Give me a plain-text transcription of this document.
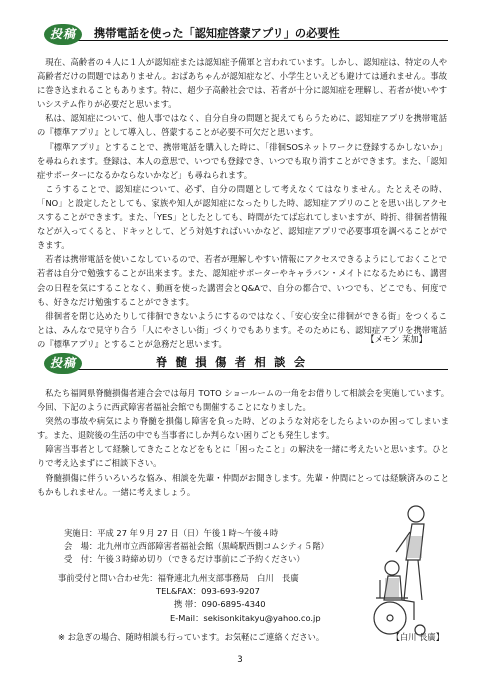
投稿	携帯電話を使った「認知症啓蒙アプリ」の必要性

現在、高齢者の４人に１人が認知症または認知症予備軍と言われています。しかし、認知症は、特定の人や高齢者だけの問題ではありません。おばあちゃんが認知症など、小学生といえども避けては通れません。事故に巻き込まれることもあります。特に、超少子高齢社会では、若者が十分に認知症を理解し、若者が使いやすいシステム作りが必要だと思います。

私は、認知症について、他人事ではなく、自分自身の問題と捉えてもらうために、認知症アプリを携帯電話の『標準アプリ』として導入し、啓蒙することが必要不可欠だと思います。

『標準アプリ』とすることで、携帯電話を購入した時に、「徘徊SOSネットワークに登録するかしないか」を尋ねられます。登録は、本人の意思で、いつでも登録でき、いつでも取り消すことができます。また、「認知症サポーターになるかならないかなど」も尋ねられます。

こうすることで、認知症について、必ず、自分の問題として考えなくてはなりません。たとえその時、「NO」と設定したとしても、家族や知人が認知症になったりした時、認知症アプリのことを思い出しアクセスすることができます。また、「YES」としたとしても、時間がたてば忘れてしまいますが、時折、徘徊者情報などが入ってくると、ドキッとして、どう対処すればいいかなど、認知症アプリで必要事項を調べることができます。

若者は携帯電話を使いこなしているので、若者が理解しやすい情報にアクセスできるようにしておくことで若者は自分で勉強することが出来ます。また、認知症サポーターやキャラバン・メイトになるためにも、講習会の日程を気にすることなく、動画を使った講習会とQ&Aで、自分の都合で、いつでも、どこでも、何度でも、好きなだけ勉強することができます。

徘徊者を閉じ込めたりして徘徊できないようにするのではなく、「安心安全に徘徊ができる街」をつくることは、みんなで見守り合う「人にやさしい街」づくりでもあります。そのためにも、認知症アプリを携帯電話の『標準アプリ』とすることが急務だと思います。	【メモン 茉加】
投稿	脊髄損傷者相談会

私たち福岡県脊髄損傷者連合会では毎月 TOTO ショールームの一角をお借りして相談会を実施しています。今回、下記のように西武障害者福祉会館でも開催することになりました。

突然の事故や病気により脊髄を損傷し障害を負った時、どのような対応をしたらよいのか困ってしまいます。また、退院後の生活の中でも当事者にしか判らない困りごとも発生します。

障害当事者として経験してきたことなどをもとに「困ったこと」の解決を一緒に考えたいと思います。ひとりで考え込まずにご相談下さい。

脊髄損傷に伴ういろいろな悩み、相談を先輩・仲間がお聞きします。先輩・仲間にとっては経験済みのこともかもしれません。一緒に考えましょう。

実施日：平成 27 年９月 27 日（日）午後１時～午後４時
会　場：北九州市立西部障害者福祉会館（黒崎駅西側コムシティ５階）
受　付：午後３時締め切り（できるだけ事前にご予約ください）
事前受付と問い合わせ先：福脊連北九州支部事務局　白川　長廣
TEL&FAX：093-693-9207
携 帯：090-6895-4340
E-Mail：sekisonkitakyu@yahoo.co.jp
※ お急ぎの場合、随時相談も行っています。お気軽にご連絡ください。	【白川 長廣】
3
